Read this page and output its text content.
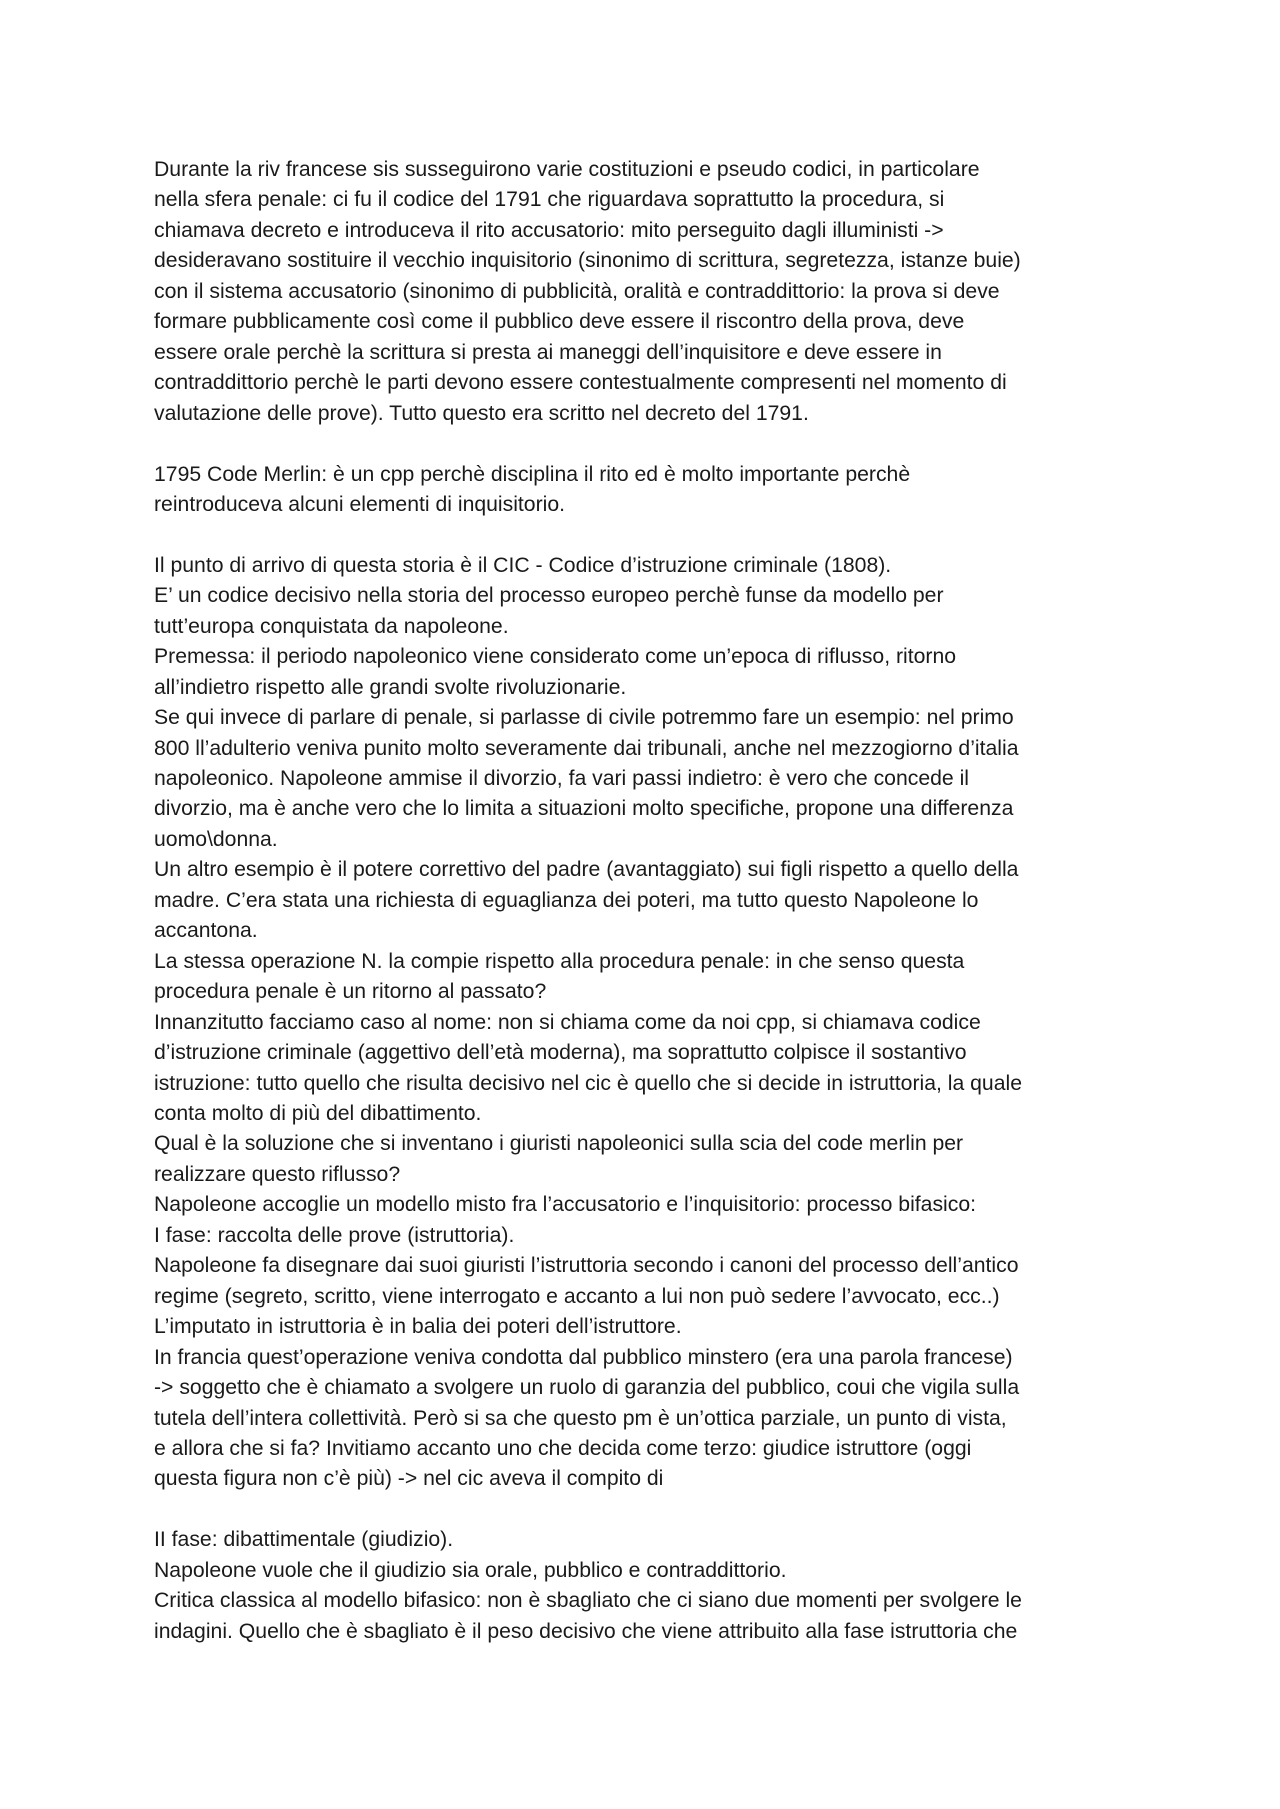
Durante la riv francese sis susseguirono varie costituzioni e pseudo codici, in particolare
nella sfera penale: ci fu il codice del 1791 che riguardava soprattutto la procedura, si
chiamava decreto e introduceva il rito accusatorio: mito perseguito dagli illuministi ->
desideravano sostituire il vecchio inquisitorio (sinonimo di scrittura, segretezza, istanze buie)
con il sistema accusatorio (sinonimo di pubblicità, oralità e contraddittorio: la prova si deve
formare pubblicamente così come il pubblico deve essere il riscontro della prova, deve
essere orale perchè la scrittura si presta ai maneggi dell’inquisitore e deve essere in
contraddittorio perchè le parti devono essere contestualmente compresenti nel momento di
valutazione delle prove). Tutto questo era scritto nel decreto del 1791.
1795 Code Merlin: è un cpp perchè disciplina il rito ed è molto importante perchè
reintroduceva alcuni elementi di inquisitorio.
Il punto di arrivo di questa storia è il CIC - Codice d’istruzione criminale (1808).
E’ un codice decisivo nella storia del processo europeo perchè funse da modello per
tutt’europa conquistata da napoleone.
Premessa: il periodo napoleonico viene considerato come un’epoca di riflusso, ritorno
all’indietro rispetto alle grandi svolte rivoluzionarie.
Se qui invece di parlare di penale, si parlasse di civile potremmo fare un esempio: nel primo
800 ll’adulterio veniva punito molto severamente dai tribunali, anche nel mezzogiorno d’italia
napoleonico. Napoleone ammise il divorzio, fa vari passi indietro: è vero che concede il
divorzio, ma è anche vero che lo limita a situazioni molto specifiche, propone una differenza
uomo\donna.
Un altro esempio è il potere correttivo del padre (avantaggiato) sui figli rispetto a quello della
madre. C’era stata una richiesta di eguaglianza dei poteri, ma tutto questo Napoleone lo
accantona.
La stessa operazione N. la compie rispetto alla procedura penale: in che senso questa
procedura penale è un ritorno al passato?
Innanzitutto facciamo caso al nome: non si chiama come da noi cpp, si chiamava codice
d’istruzione criminale (aggettivo dell’età moderna), ma soprattutto colpisce il sostantivo
istruzione: tutto quello che risulta decisivo nel cic è quello che si decide in istruttoria, la quale
conta molto di più del dibattimento.
Qual è la soluzione che si inventano i giuristi napoleonici sulla scia del code merlin per
realizzare questo riflusso?
Napoleone accoglie un modello misto fra l’accusatorio e l’inquisitorio: processo bifasico:
I fase: raccolta delle prove (istruttoria).
Napoleone fa disegnare dai suoi giuristi l’istruttoria secondo i canoni del processo dell’antico
regime (segreto, scritto, viene interrogato e accanto a lui non può sedere l’avvocato, ecc..)
L’imputato in istruttoria è in balia dei poteri dell’istruttore.
In francia quest’operazione veniva condotta dal pubblico minstero (era una parola francese)
-> soggetto che è chiamato a svolgere un ruolo di garanzia del pubblico, coui che vigila sulla
tutela dell’intera collettività. Però si sa che questo pm è un’ottica parziale, un punto di vista,
e allora che si fa? Invitiamo accanto uno che decida come terzo: giudice istruttore (oggi
questa figura non c’è più) -> nel cic aveva il compito di
II fase: dibattimentale (giudizio).
Napoleone vuole che il giudizio sia orale, pubblico e contraddittorio.
Critica classica al modello bifasico: non è sbagliato che ci siano due momenti per svolgere le
indagini. Quello che è sbagliato è il peso decisivo che viene attribuito alla fase istruttoria che
